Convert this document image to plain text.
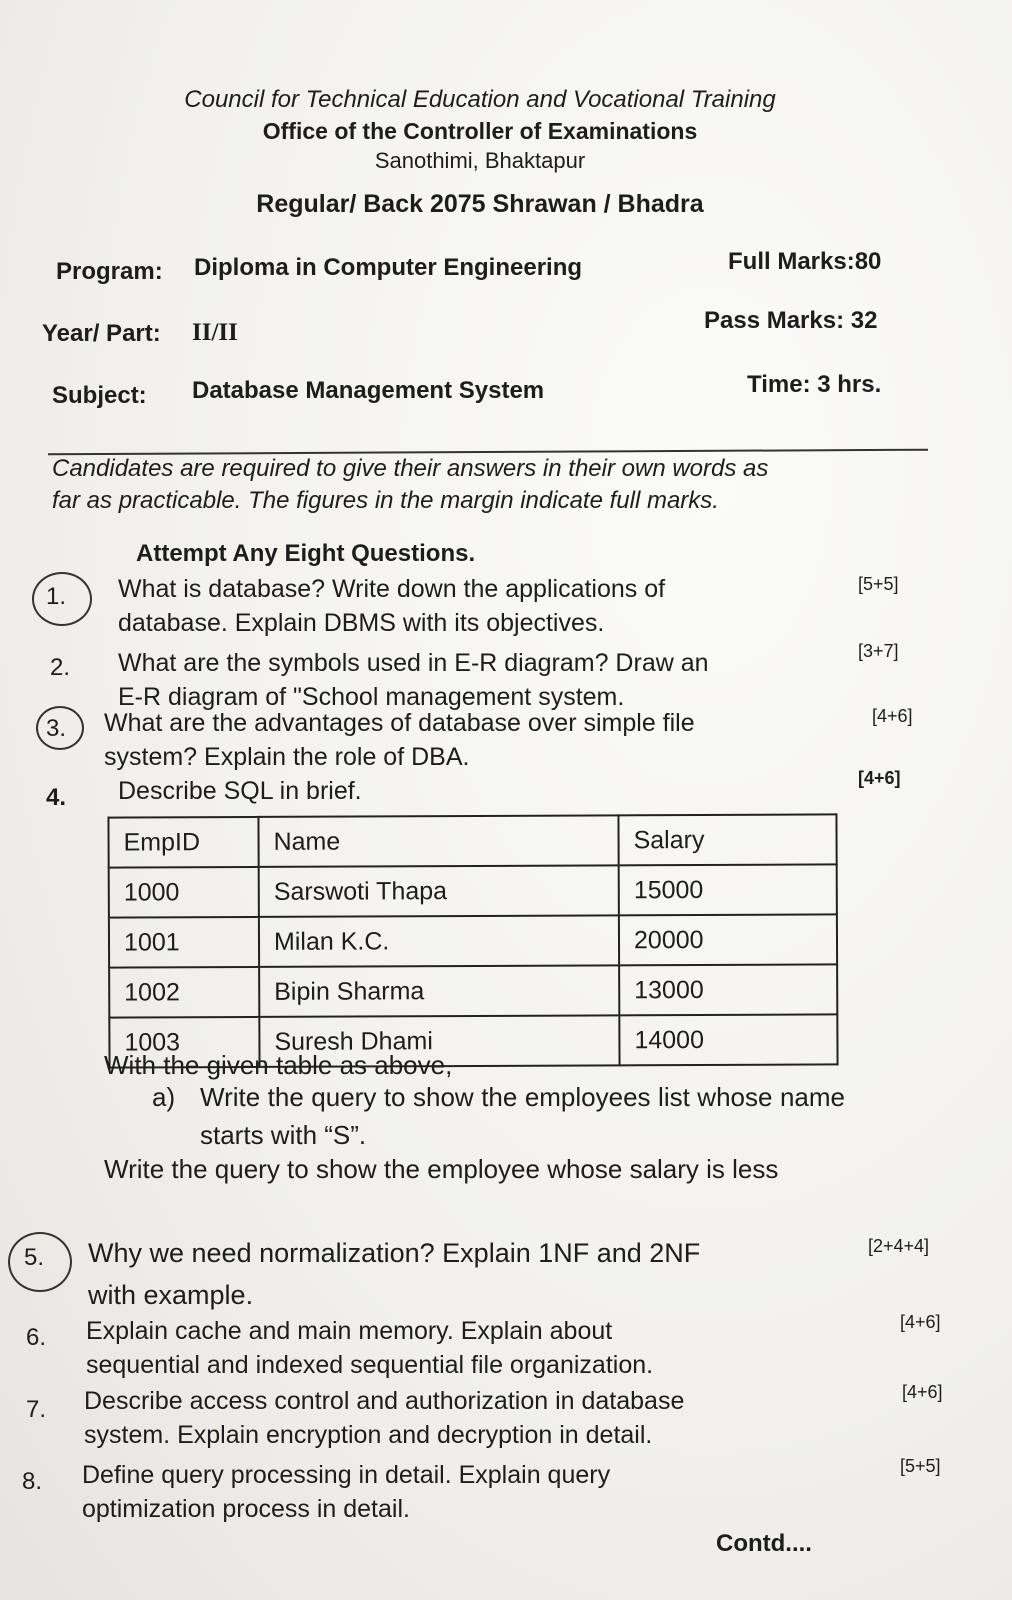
Council for Technical Education and Vocational Training
Office of the Controller of Examinations
Sanothimi, Bhaktapur
Regular/ Back 2075 Shrawan / Bhadra
Program: Diploma in Computer Engineering	Full Marks:80
Year/ Part: II/II	Pass Marks: 32
Subject: Database Management System	Time: 3 hrs.
Candidates are required to give their answers in their own words as
far as practicable. The figures in the margin indicate full marks.
Attempt Any Eight Questions.
1. What is database? Write down the applications of
database. Explain DBMS with its objectives.
[5+5]
2. What are the symbols used in E-R diagram? Draw an
E-R diagram of "School management system.
[3+7]
3. What are the advantages of database over simple file
system? Explain the role of DBA.
[4+6]
4. Describe SQL in brief.	[4+6]
EmpID	Name	Salary
1000	Sarswoti Thapa	15000
1001	Milan K.C.	20000
1002	Bipin Sharma	13000
1003	Suresh Dhami	14000
With the given table as above,
a) Write the query to show the employees list whose name starts with “S”.
Write the query to show the employee whose salary is less
5. Why we need normalization? Explain 1NF and 2NF
with example.
[2+4+4]
6. Explain cache and main memory. Explain about
sequential and indexed sequential file organization.
[4+6]
7. Describe access control and authorization in database
system. Explain encryption and decryption in detail.
[4+6]
8. Define query processing in detail. Explain query
optimization process in detail.
[5+5]
Contd....
